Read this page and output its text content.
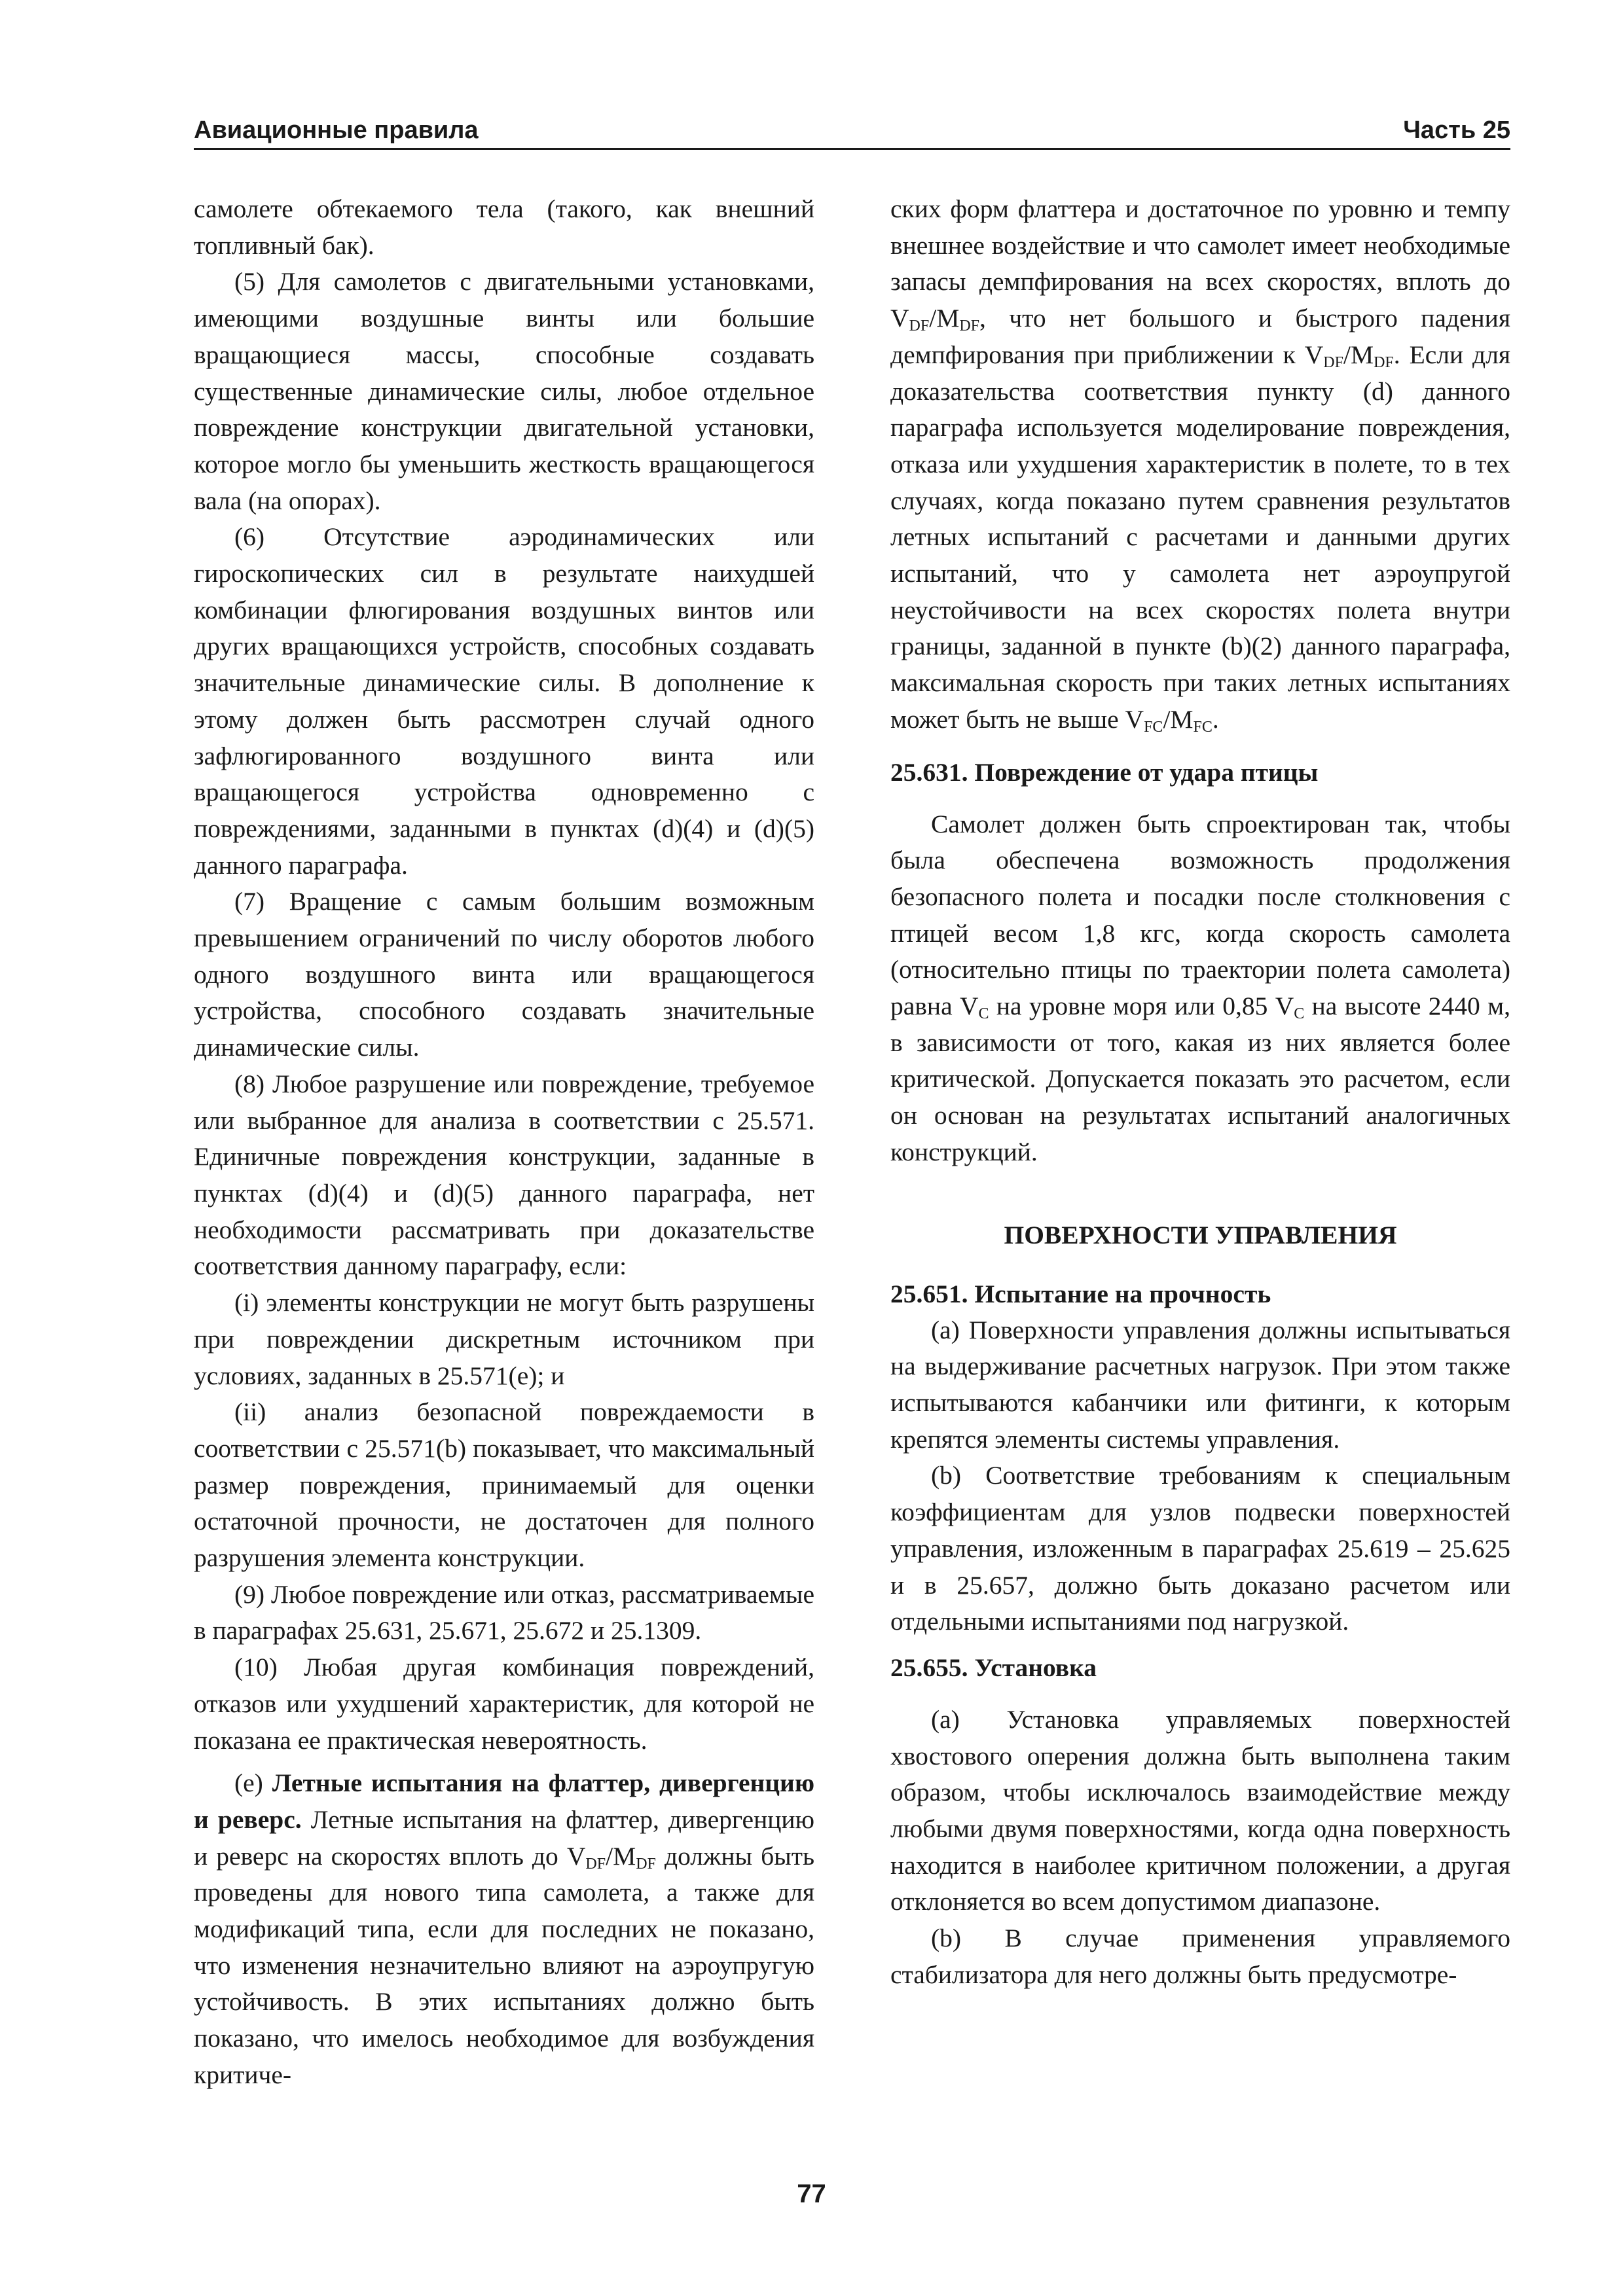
Авиационные правила	Часть 25

самолете обтекаемого тела (такого, как внешний топливный бак).

(5) Для самолетов с двигательными установками, имеющими воздушные винты или большие вращающиеся массы, способные создавать существенные динамические силы, любое отдельное повреждение конструкции двигательной установки, которое могло бы уменьшить жесткость вращающегося вала (на опорах).

(6) Отсутствие аэродинамических или гироскопических сил в результате наихудшей комбинации флюгирования воздушных винтов или других вращающихся устройств, способных создавать значительные динамические силы. В дополнение к этому должен быть рассмотрен случай одного зафлюгированного воздушного винта или вращающегося устройства одновременно с повреждениями, заданными в пунктах (d)(4) и (d)(5) данного параграфа.

(7) Вращение с самым большим возможным превышением ограничений по числу оборотов любого одного воздушного винта или вращающегося устройства, способного создавать значительные динамические силы.

(8) Любое разрушение или повреждение, требуемое или выбранное для анализа в соответствии с 25.571. Единичные повреждения конструкции, заданные в пунктах (d)(4) и (d)(5) данного параграфа, нет необходимости рассматривать при доказательстве соответствия данному параграфу, если:

(i) элементы конструкции не могут быть разрушены при повреждении дискретным источником при условиях, заданных в 25.571(e); и

(ii) анализ безопасной повреждаемости в соответствии с 25.571(b) показывает, что максимальный размер повреждения, принимаемый для оценки остаточной прочности, не достаточен для полного разрушения элемента конструкции.

(9) Любое повреждение или отказ, рассматриваемые в параграфах 25.631, 25.671, 25.672 и 25.1309.

(10) Любая другая комбинация повреждений, отказов или ухудшений характеристик, для которой не показана ее практическая невероятность.

(e) Летные испытания на флаттер, дивергенцию и реверс. Летные испытания на флаттер, дивергенцию и реверс на скоростях вплоть до $V_{DF}/M_{DF}$ должны быть проведены для нового типа самолета, а также для модификаций типа, если для последних не показано, что изменения незначительно влияют на аэроупругую устойчивость. В этих испытаниях должно быть показано, что имелось необходимое для возбуждения критиче-

ских форм флаттера и достаточное по уровню и темпу внешнее воздействие и что самолет имеет необходимые запасы демпфирования на всех скоростях, вплоть до $V_{DF}/M_{DF}$, что нет большого и быстрого падения демпфирования при приближении к $V_{DF}/M_{DF}$. Если для доказательства соответствия пункту (d) данного параграфа используется моделирование повреждения, отказа или ухудшения характеристик в полете, то в тех случаях, когда показано путем сравнения результатов летных испытаний с расчетами и данными других испытаний, что у самолета нет аэроупругой неустойчивости на всех скоростях полета внутри границы, заданной в пункте (b)(2) данного параграфа, максимальная скорость при таких летных испытаниях может быть не выше $V_{FC}/M_{FC}$.

25.631. Повреждение от удара птицы

Самолет должен быть спроектирован так, чтобы была обеспечена возможность продолжения безопасного полета и посадки после столкновения с птицей весом 1,8 кгс, когда скорость самолета (относительно птицы по траектории полета самолета) равна $V_C$ на уровне моря или 0,85 $V_C$ на высоте 2440 м, в зависимости от того, какая из них является более критической. Допускается показать это расчетом, если он основан на результатах испытаний аналогичных конструкций.

ПОВЕРХНОСТИ УПРАВЛЕНИЯ

25.651. Испытание на прочность

(a) Поверхности управления должны испытываться на выдерживание расчетных нагрузок. При этом также испытываются кабанчики или фитинги, к которым крепятся элементы системы управления.

(b) Соответствие требованиям к специальным коэффициентам для узлов подвески поверхностей управления, изложенным в параграфах 25.619 – 25.625 и в 25.657, должно быть доказано расчетом или отдельными испытаниями под нагрузкой.

25.655. Установка

(a) Установка управляемых поверхностей хвостового оперения должна быть выполнена таким образом, чтобы исключалось взаимодействие между любыми двумя поверхностями, когда одна поверхность находится в наиболее критичном положении, а другая отклоняется во всем допустимом диапазоне.

(b) В случае применения управляемого стабилизатора для него должны быть предусмотре-

77
